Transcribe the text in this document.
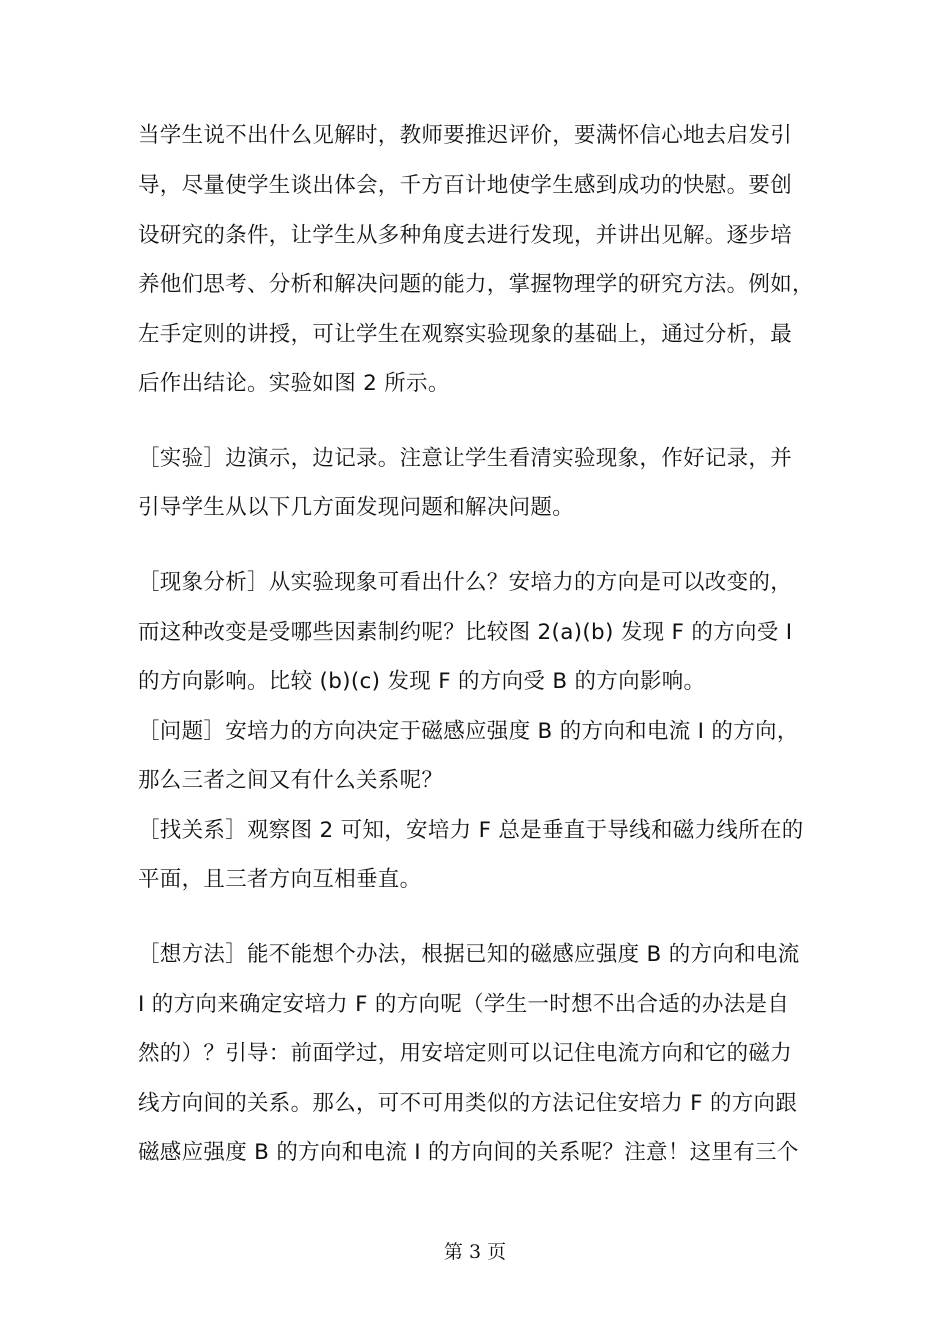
当学生说不出什么见解时，教师要推迟评价，要满怀信心地去启发引
导，尽量使学生谈出体会，千方百计地使学生感到成功的快慰。要创
设研究的条件，让学生从多种角度去进行发现，并讲出见解。逐步培
养他们思考、分析和解决问题的能力，掌握物理学的研究方法。例如，
左手定则的讲授，可让学生在观察实验现象的基础上，通过分析，最
后作出结论。实验如图 2 所示。
［实验］边演示，边记录。注意让学生看清实验现象，作好记录，并
引导学生从以下几方面发现问题和解决问题。
［现象分析］从实验现象可看出什么？安培力的方向是可以改变的，
而这种改变是受哪些因素制约呢？比较图 2(a)(b) 发现 F 的方向受 I
的方向影响。比较 (b)(c) 发现 F 的方向受 B 的方向影响。
［问题］安培力的方向决定于磁感应强度 B 的方向和电流 I 的方向，
那么三者之间又有什么关系呢？
［找关系］观察图 2 可知，安培力 F 总是垂直于导线和磁力线所在的
平面，且三者方向互相垂直。
［想方法］能不能想个办法，根据已知的磁感应强度 B 的方向和电流
I 的方向来确定安培力 F 的方向呢（学生一时想不出合适的办法是自
然的）？引导：前面学过，用安培定则可以记住电流方向和它的磁力
线方向间的关系。那么，可不可用类似的方法记住安培力 F 的方向跟
磁感应强度 B 的方向和电流 I 的方向间的关系呢？注意！这里有三个
第 3 页
